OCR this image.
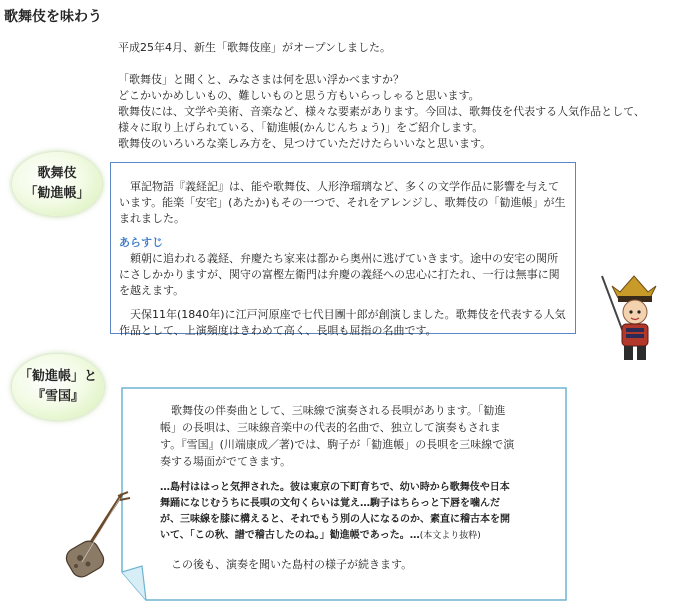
歌舞伎を味わう

平成25年4月、新生「歌舞伎座」がオープンしました。

「歌舞伎」と聞くと、みなさまは何を思い浮かべますか？

どこかいかめしいもの、難しいものと思う方もいらっしゃると思います。

歌舞伎には、文学や美術、音楽など、様々な要素があります。今回は、歌舞伎を代表する人気作品として、

様々に取り上げられている、「勧進帳(かんじんちょう)」をご紹介します。

歌舞伎のいろいろな楽しみ方を、見つけていただけたらいいなと思います。

歌舞伎
「勧進帳」	軍記物語『義経記』は、能や歌舞伎、人形浄瑠璃など、多くの文学作品に影響を与えています。能楽「安宅」(あたか)もその一つで、それをアレンジし、歌舞伎の「勧進帳」が生まれました。

あらすじ

頼朝に追われる義経、弁慶たち家来は都から奥州に逃げていきます。途中の安宅の関所にさしかかりますが、関守の富樫左衛門は弁慶の義経への忠心に打たれ、一行は無事に関を越えます。

天保11年(1840年)に江戸河原座で七代目團十郎が創演しました。歌舞伎を代表する人気作品として、上演頻度はきわめて高く、長唄も屈指の名曲です。

「勧進帳」と
『雪国』

歌舞伎の伴奏曲として、三味線で演奏される長唄があります。「勧進帳」の長唄は、三味線音楽中の代表的名曲で、独立して演奏もされます。『雪国』(川端康成／著)では、駒子が「勧進帳」の長唄を三味線で演奏する場面がでてきます。

…島村ははっと気押された。彼は東京の下町育ちで、幼い時から歌舞伎や日本舞踊になじむうちに長唄の文句くらいは覚え…駒子はちらっと下唇を噛んだが、三味線を膝に構えると、それでもう別の人になるのか、素直に稽古本を開いて、「この秋、譜で稽古したのね。」勧進帳であった。…(本文より抜粋)

この後も、演奏を聞いた島村の様子が続きます。
